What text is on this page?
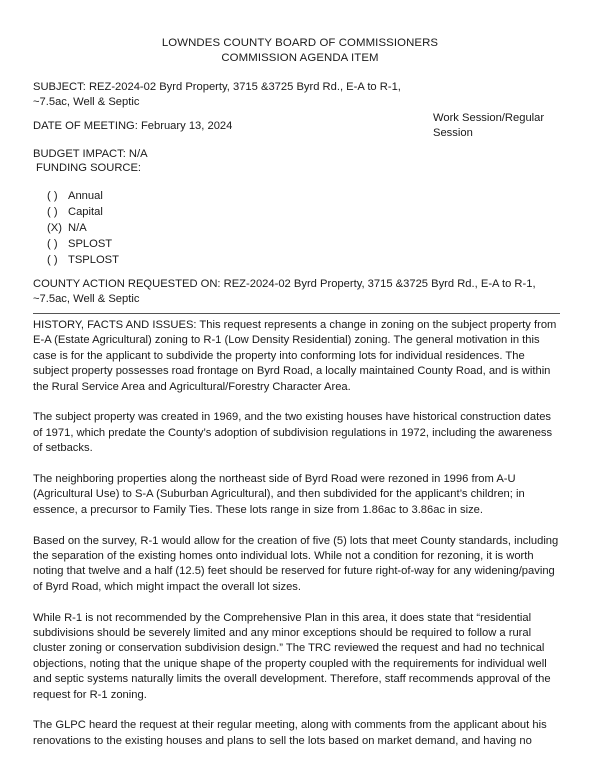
LOWNDES COUNTY BOARD OF COMMISSIONERS
COMMISSION AGENDA ITEM
SUBJECT: REZ-2024-02 Byrd Property, 3715 &3725 Byrd Rd., E-A to R-1, ~7.5ac, Well & Septic
DATE OF MEETING: February 13, 2024
Work Session/Regular Session
BUDGET IMPACT: N/A
FUNDING SOURCE:
( ) Annual
( ) Capital
(X) N/A
( ) SPLOST
( ) TSPLOST
COUNTY ACTION REQUESTED ON: REZ-2024-02 Byrd Property, 3715 &3725 Byrd Rd., E-A to R-1, ~7.5ac, Well & Septic

HISTORY, FACTS AND ISSUES: This request represents a change in zoning on the subject property from E-A (Estate Agricultural) zoning to R-1 (Low Density Residential) zoning. The general motivation in this case is for the applicant to subdivide the property into conforming lots for individual residences. The subject property possesses road frontage on Byrd Road, a locally maintained County Road, and is within the Rural Service Area and Agricultural/Forestry Character Area.

The subject property was created in 1969, and the two existing houses have historical construction dates of 1971, which predate the County’s adoption of subdivision regulations in 1972, including the awareness of setbacks.

The neighboring properties along the northeast side of Byrd Road were rezoned in 1996 from A-U (Agricultural Use) to S-A (Suburban Agricultural), and then subdivided for the applicant’s children; in essence, a precursor to Family Ties. These lots range in size from 1.86ac to 3.86ac in size.

Based on the survey, R-1 would allow for the creation of five (5) lots that meet County standards, including the separation of the existing homes onto individual lots. While not a condition for rezoning, it is worth noting that twelve and a half (12.5) feet should be reserved for future right-of-way for any widening/paving of Byrd Road, which might impact the overall lot sizes.

While R-1 is not recommended by the Comprehensive Plan in this area, it does state that “residential subdivisions should be severely limited and any minor exceptions should be required to follow a rural cluster zoning or conservation subdivision design.” The TRC reviewed the request and had no technical objections, noting that the unique shape of the property coupled with the requirements for individual well and septic systems naturally limits the overall development. Therefore, staff recommends approval of the request for R-1 zoning.

The GLPC heard the request at their regular meeting, along with comments from the applicant about his renovations to the existing houses and plans to sell the lots based on market demand, and having no
